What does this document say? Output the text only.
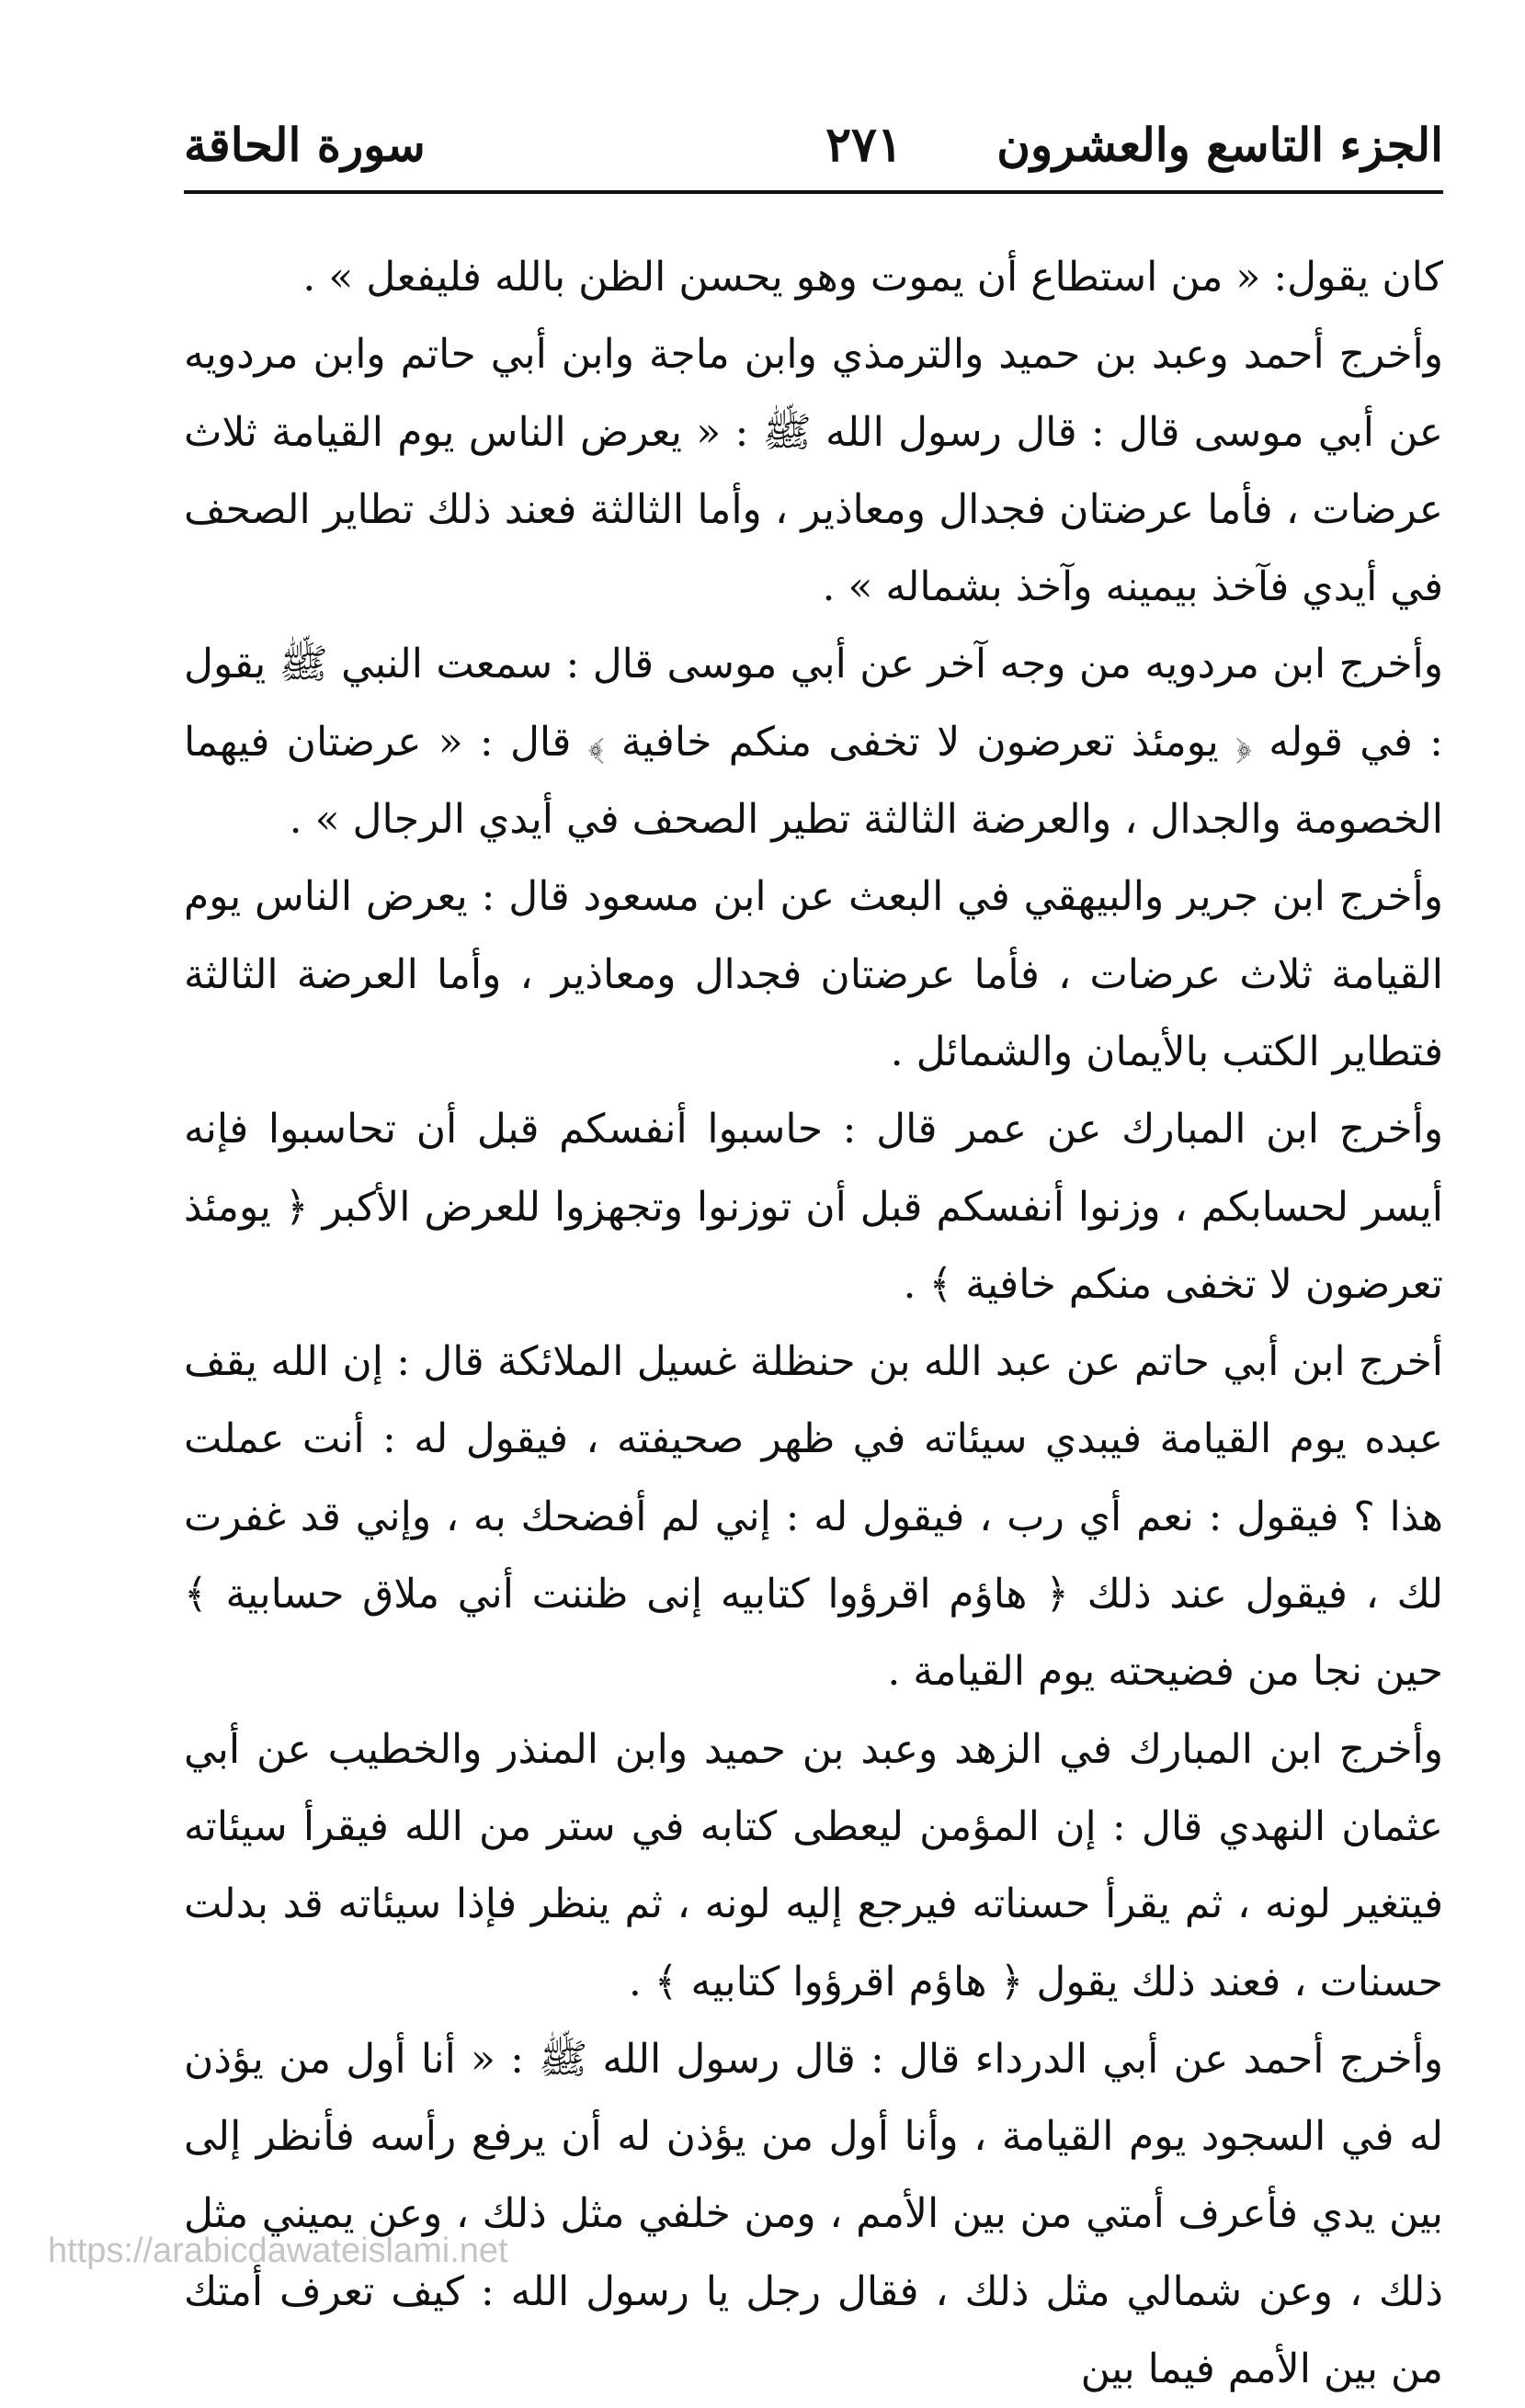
الجزء التاسع والعشرون
٢٧١
سورة الحاقة

كان يقول: « من استطاع أن يموت وهو يحسن الظن بالله فليفعل » .

وأخرج أحمد وعبد بن حميد والترمذي وابن ماجة وابن أبي حاتم وابن مردويه عن أبي موسى قال : قال رسول الله ﷺ : « يعرض الناس يوم القيامة ثلاث عرضات ، فأما عرضتان فجدال ومعاذير ، وأما الثالثة فعند ذلك تطاير الصحف في أيدي فآخذ بيمينه وآخذ بشماله » .

وأخرج ابن مردويه من وجه آخر عن أبي موسى قال : سمعت النبي ﷺ يقول : في قوله ﴿ يومئذ تعرضون لا تخفى منكم خافية ﴾ قال : « عرضتان فيهما الخصومة والجدال ، والعرضة الثالثة تطير الصحف في أيدي الرجال » .

وأخرج ابن جرير والبيهقي في البعث عن ابن مسعود قال : يعرض الناس يوم القيامة ثلاث عرضات ، فأما عرضتان فجدال ومعاذير ، وأما العرضة الثالثة فتطاير الكتب بالأيمان والشمائل .

وأخرج ابن المبارك عن عمر قال : حاسبوا أنفسكم قبل أن تحاسبوا فإنه أيسر لحسابكم ، وزنوا أنفسكم قبل أن توزنوا وتجهزوا للعرض الأكبر ﴿ يومئذ تعرضون لا تخفى منكم خافية ﴾ .

أخرج ابن أبي حاتم عن عبد الله بن حنظلة غسيل الملائكة قال : إن الله يقف عبده يوم القيامة فيبدي سيئاته في ظهر صحيفته ، فيقول له : أنت عملت هذا ؟ فيقول : نعم أي رب ، فيقول له : إني لم أفضحك به ، وإني قد غفرت لك ، فيقول عند ذلك ﴿ هاؤم اقرؤوا كتابيه إنى ظننت أني ملاق حسابية ﴾ حين نجا من فضيحته يوم القيامة .

وأخرج ابن المبارك في الزهد وعبد بن حميد وابن المنذر والخطيب عن أبي عثمان النهدي قال : إن المؤمن ليعطى كتابه في ستر من الله فيقرأ سيئاته فيتغير لونه ، ثم يقرأ حسناته فيرجع إليه لونه ، ثم ينظر فإذا سيئاته قد بدلت حسنات ، فعند ذلك يقول ﴿ هاؤم اقرؤوا كتابيه ﴾ .

وأخرج أحمد عن أبي الدرداء قال : قال رسول الله ﷺ : « أنا أول من يؤذن له في السجود يوم القيامة ، وأنا أول من يؤذن له أن يرفع رأسه فأنظر إلى بين يدي فأعرف أمتي من بين الأمم ، ومن خلفي مثل ذلك ، وعن يميني مثل ذلك ، وعن شمالي مثل ذلك ، فقال رجل يا رسول الله : كيف تعرف أمتك من بين الأمم فيما بين

https://arabicdawateislami.net
